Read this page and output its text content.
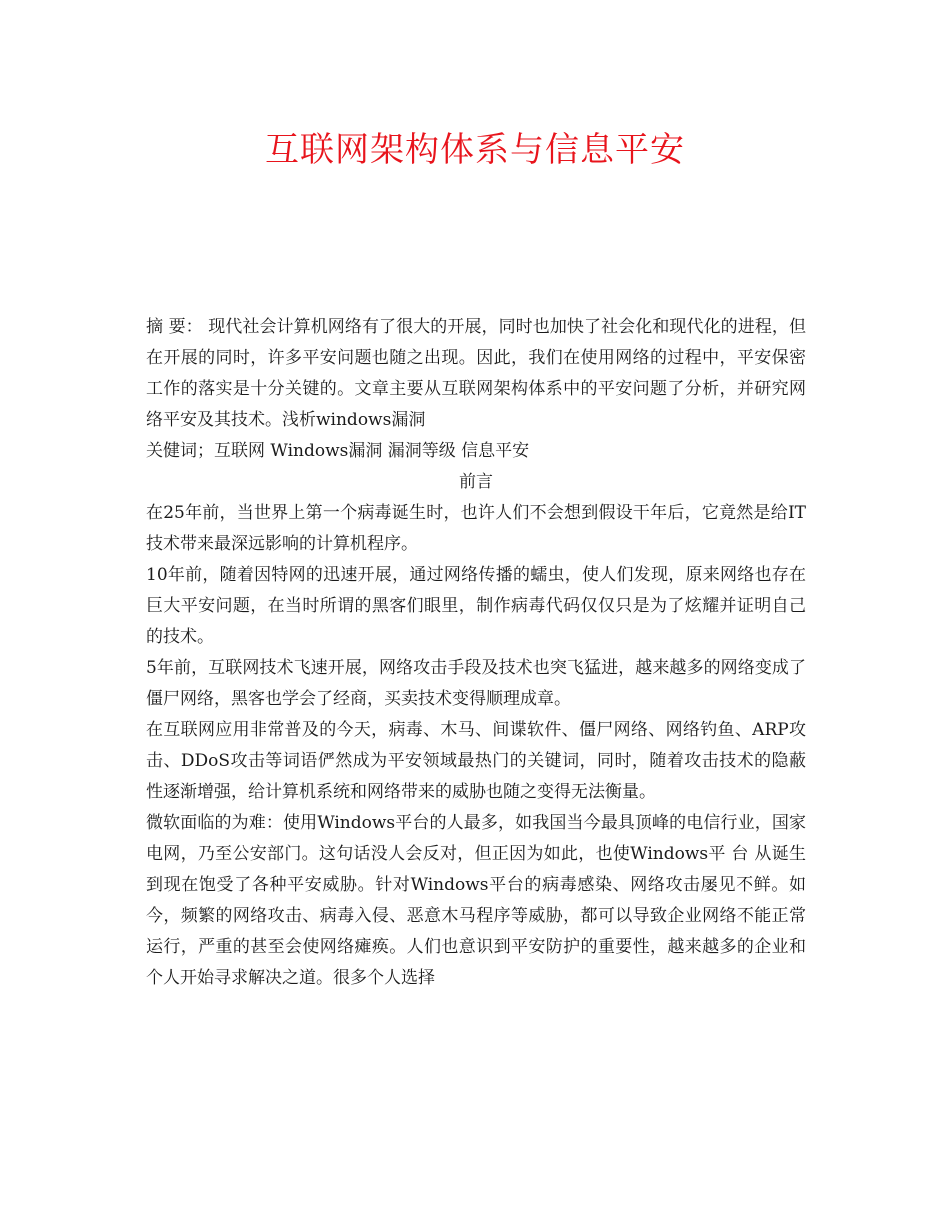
互联网架构体系与信息平安

摘 要： 现代社会计算机网络有了很大的开展，同时也加快了社会化和现代化的进程，但在开展的同时，许多平安问题也随之出现。因此，我们在使用网络的过程中，平安保密工作的落实是十分关键的。文章主要从互联网架构体系中的平安问题了分析，并研究网络平安及其技术。浅析windows漏洞

关健词；互联网 Windows漏洞 漏洞等级 信息平安

前言

在25年前，当世界上第一个病毒诞生时，也许人们不会想到假设干年后，它竟然是给IT技术带来最深远影响的计算机程序。

10年前，随着因特网的迅速开展，通过网络传播的蠕虫，使人们发现，原来网络也存在巨大平安问题，在当时所谓的黑客们眼里，制作病毒代码仅仅只是为了炫耀并证明自己的技术。

5年前，互联网技术飞速开展，网络攻击手段及技术也突飞猛进，越来越多的网络变成了僵尸网络，黑客也学会了经商，买卖技术变得顺理成章。

在互联网应用非常普及的今天，病毒、木马、间谍软件、僵尸网络、网络钓鱼、ARP攻击、DDoS攻击等词语俨然成为平安领域最热门的关键词，同时，随着攻击技术的隐蔽性逐渐增强，给计算机系统和网络带来的威胁也随之变得无法衡量。

微软面临的为难：使用Windows平台的人最多，如我国当今最具顶峰的电信行业，国家电网，乃至公安部门。这句话没人会反对，但正因为如此，也使Windows平 台 从诞生到现在饱受了各种平安威胁。针对Windows平台的病毒感染、网络攻击屡见不鲜。如今，频繁的网络攻击、病毒入侵、恶意木马程序等威胁，都可以导致企业网络不能正常运行，严重的甚至会使网络瘫痪。人们也意识到平安防护的重要性，越来越多的企业和个人开始寻求解决之道。很多个人选择
